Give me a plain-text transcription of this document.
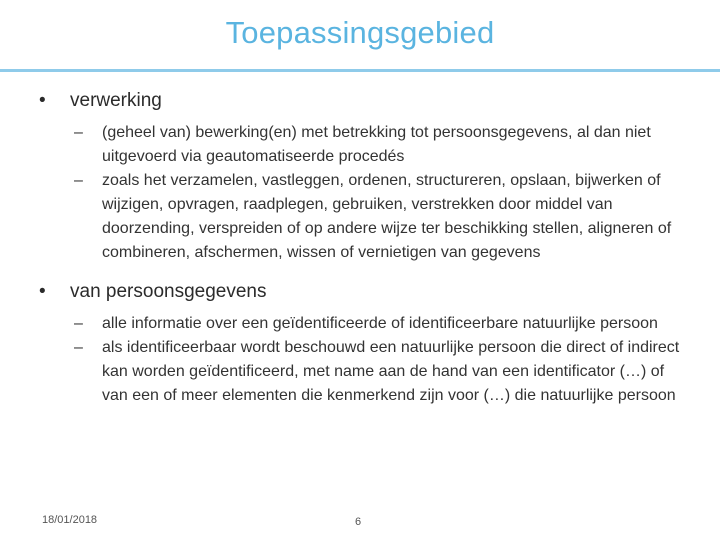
Toepassingsgebied
• verwerking
– (geheel van) bewerking(en) met betrekking tot persoonsgegevens, al dan niet uitgevoerd via geautomatiseerde procedés
– zoals het verzamelen, vastleggen, ordenen, structureren, opslaan, bijwerken of wijzigen, opvragen, raadplegen, gebruiken, verstrekken door middel van doorzending, verspreiden of op andere wijze ter beschikking stellen, aligneren of combineren, afschermen, wissen of vernietigen van gegevens
• van persoonsgegevens
– alle informatie over een geïdentificeerde of identificeerbare natuurlijke persoon
– als identificeerbaar wordt beschouwd een natuurlijke persoon die direct of indirect kan worden geïdentificeerd, met name aan de hand van een identificator (…) of van een of meer elementen die kenmerkend zijn voor (…) die natuurlijke persoon
18/01/2018	6
